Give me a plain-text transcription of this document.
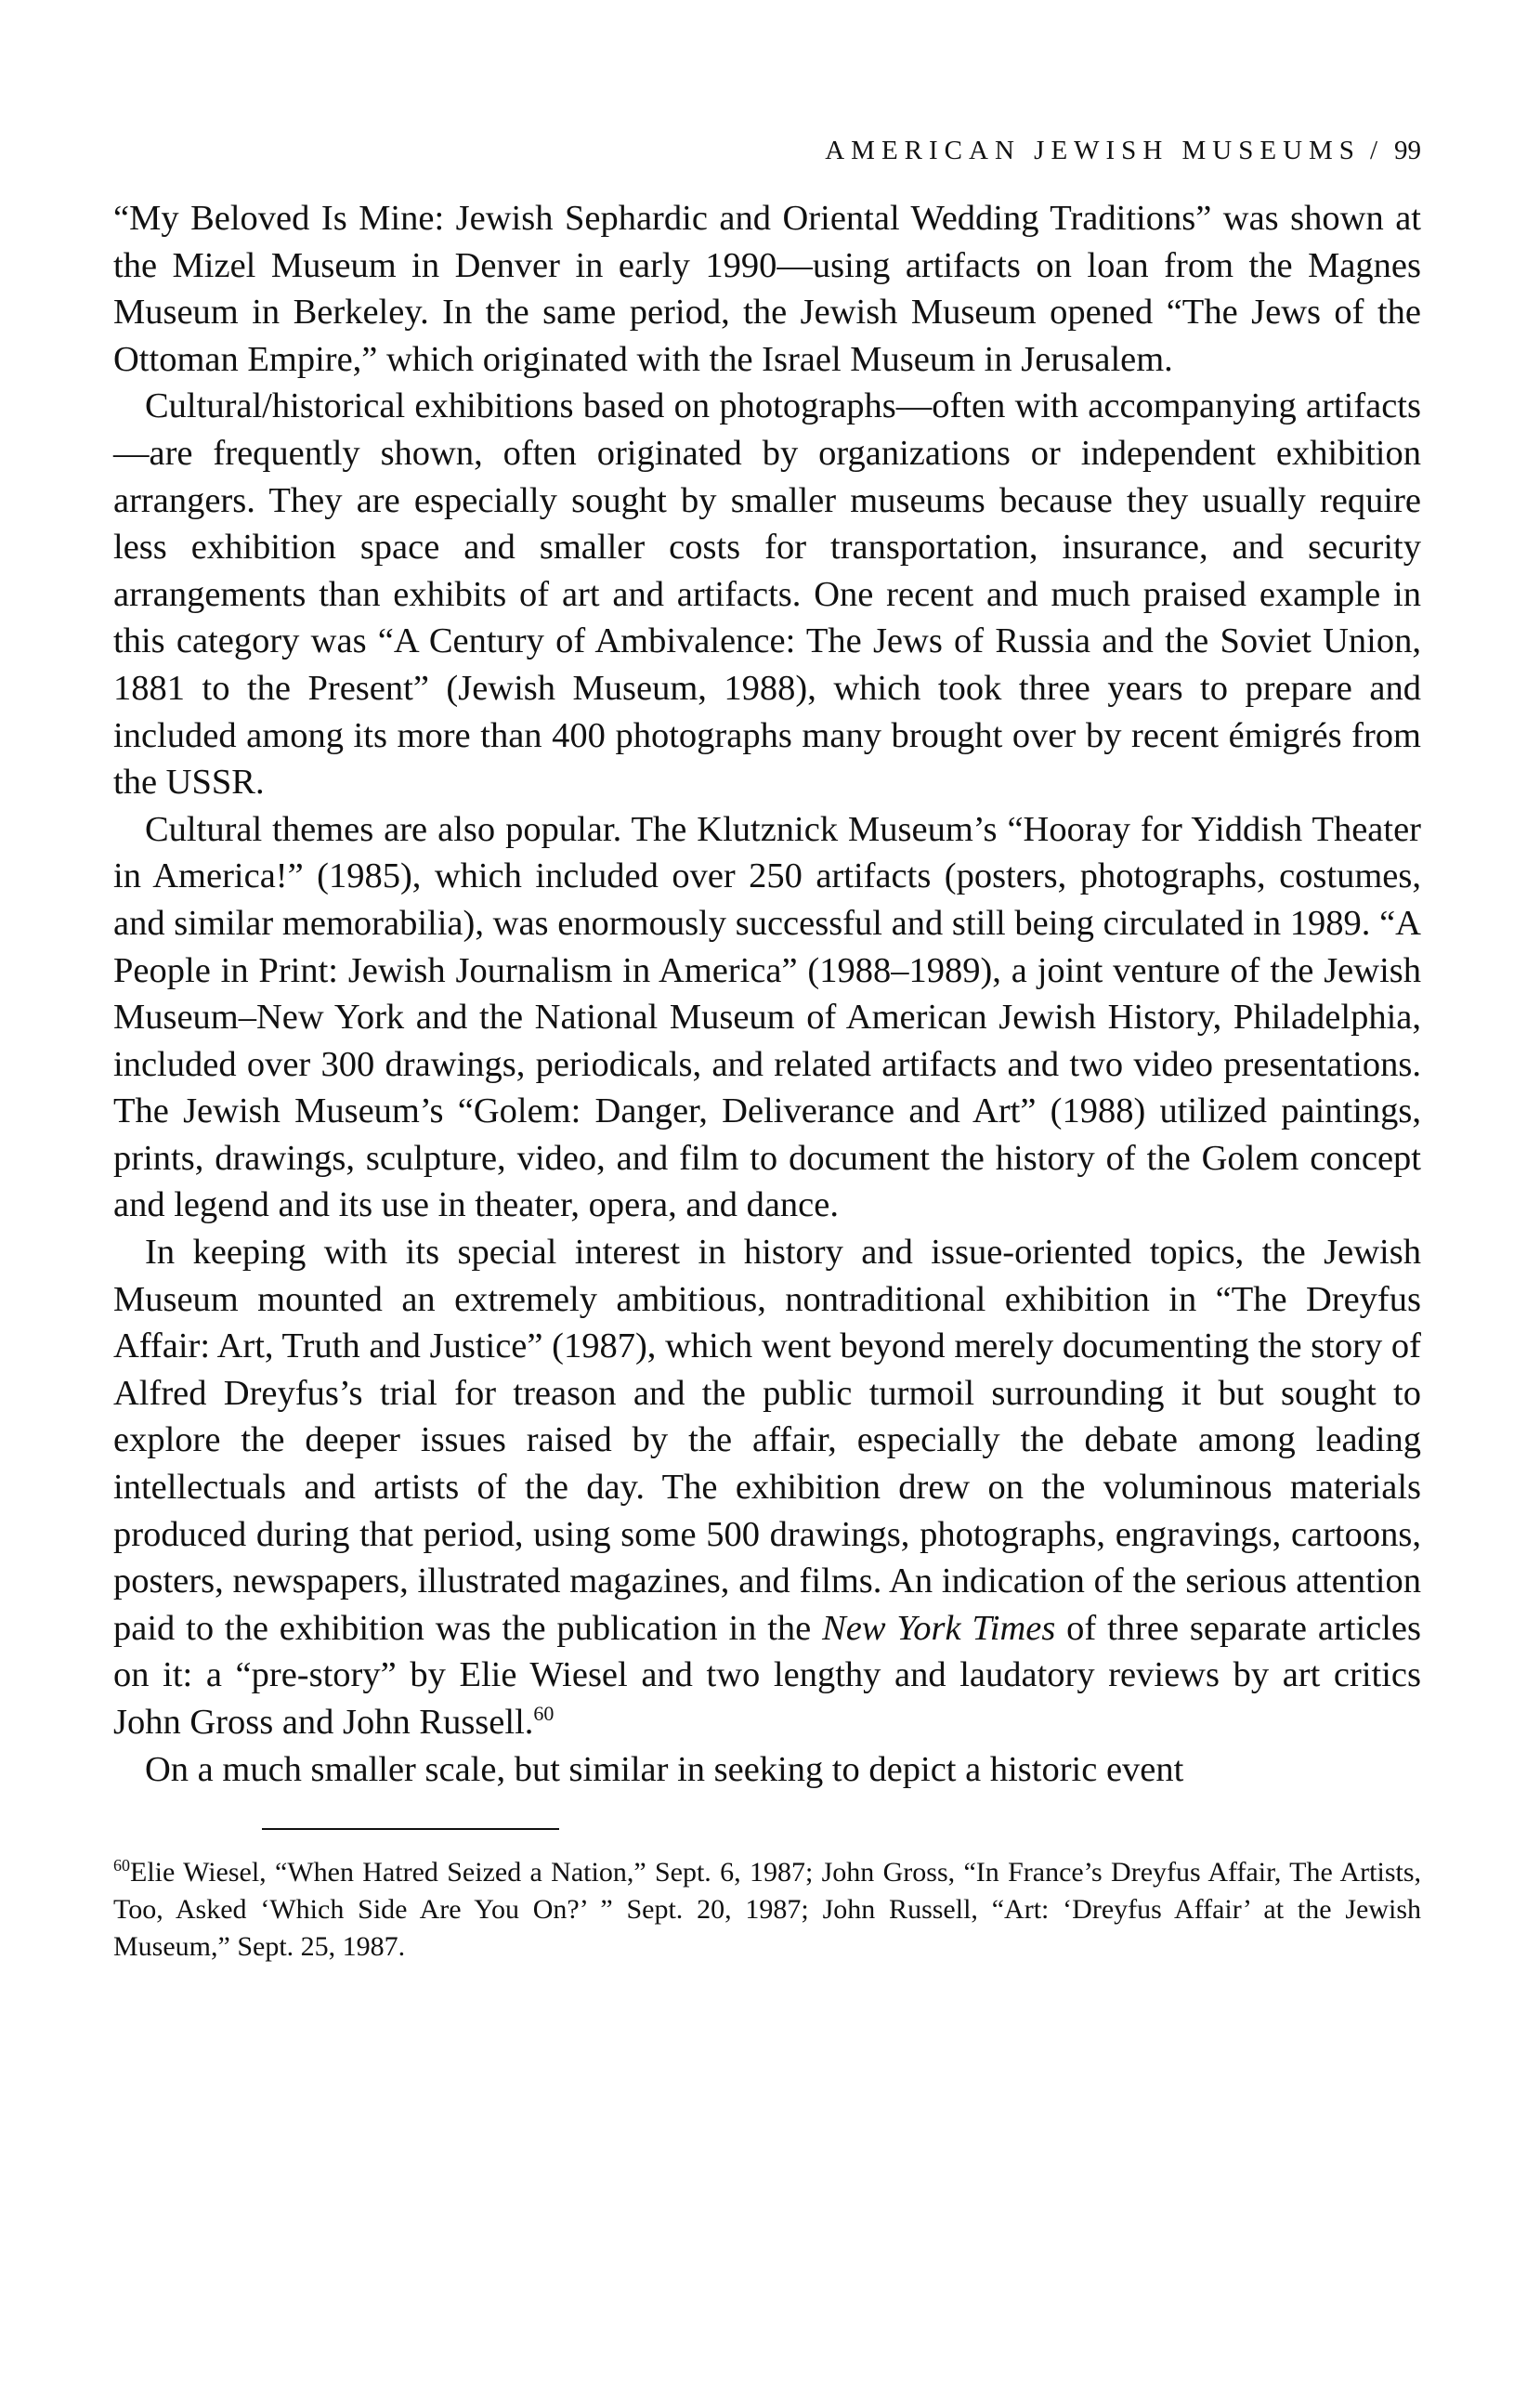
AMERICAN JEWISH MUSEUMS / 99

“My Beloved Is Mine: Jewish Sephardic and Oriental Wedding Traditions” was shown at the Mizel Museum in Denver in early 1990—using artifacts on loan from the Magnes Museum in Berkeley. In the same period, the Jewish Museum opened “The Jews of the Ottoman Empire,” which originated with the Israel Museum in Jerusalem.

Cultural/historical exhibitions based on photographs—often with accompanying artifacts—are frequently shown, often originated by organizations or independent exhibition arrangers. They are especially sought by smaller museums because they usually require less exhibition space and smaller costs for transportation, insurance, and security arrangements than exhibits of art and artifacts. One recent and much praised example in this category was “A Century of Ambivalence: The Jews of Russia and the Soviet Union, 1881 to the Present” (Jewish Museum, 1988), which took three years to prepare and included among its more than 400 photographs many brought over by recent émigrés from the USSR.

Cultural themes are also popular. The Klutznick Museum’s “Hooray for Yiddish Theater in America!” (1985), which included over 250 artifacts (posters, photographs, costumes, and similar memorabilia), was enormously successful and still being circulated in 1989. “A People in Print: Jewish Journalism in America” (1988–1989), a joint venture of the Jewish Museum–New York and the National Museum of American Jewish History, Philadelphia, included over 300 drawings, periodicals, and related artifacts and two video presentations. The Jewish Museum’s “Golem: Danger, Deliverance and Art” (1988) utilized paintings, prints, drawings, sculpture, video, and film to document the history of the Golem concept and legend and its use in theater, opera, and dance.

In keeping with its special interest in history and issue-oriented topics, the Jewish Museum mounted an extremely ambitious, nontraditional exhibition in “The Dreyfus Affair: Art, Truth and Justice” (1987), which went beyond merely documenting the story of Alfred Dreyfus’s trial for treason and the public turmoil surrounding it but sought to explore the deeper issues raised by the affair, especially the debate among leading intellectuals and artists of the day. The exhibition drew on the voluminous materials produced during that period, using some 500 drawings, photographs, engravings, cartoons, posters, newspapers, illustrated magazines, and films. An indication of the serious attention paid to the exhibition was the publication in the New York Times of three separate articles on it: a “pre-story” by Elie Wiesel and two lengthy and laudatory reviews by art critics John Gross and John Russell.$^{60}$

On a much smaller scale, but similar in seeking to depict a historic event

$^{60}$Elie Wiesel, “When Hatred Seized a Nation,” Sept. 6, 1987; John Gross, “In France’s Dreyfus Affair, The Artists, Too, Asked ‘Which Side Are You On?’ ” Sept. 20, 1987; John Russell, “Art: ‘Dreyfus Affair’ at the Jewish Museum,” Sept. 25, 1987.
